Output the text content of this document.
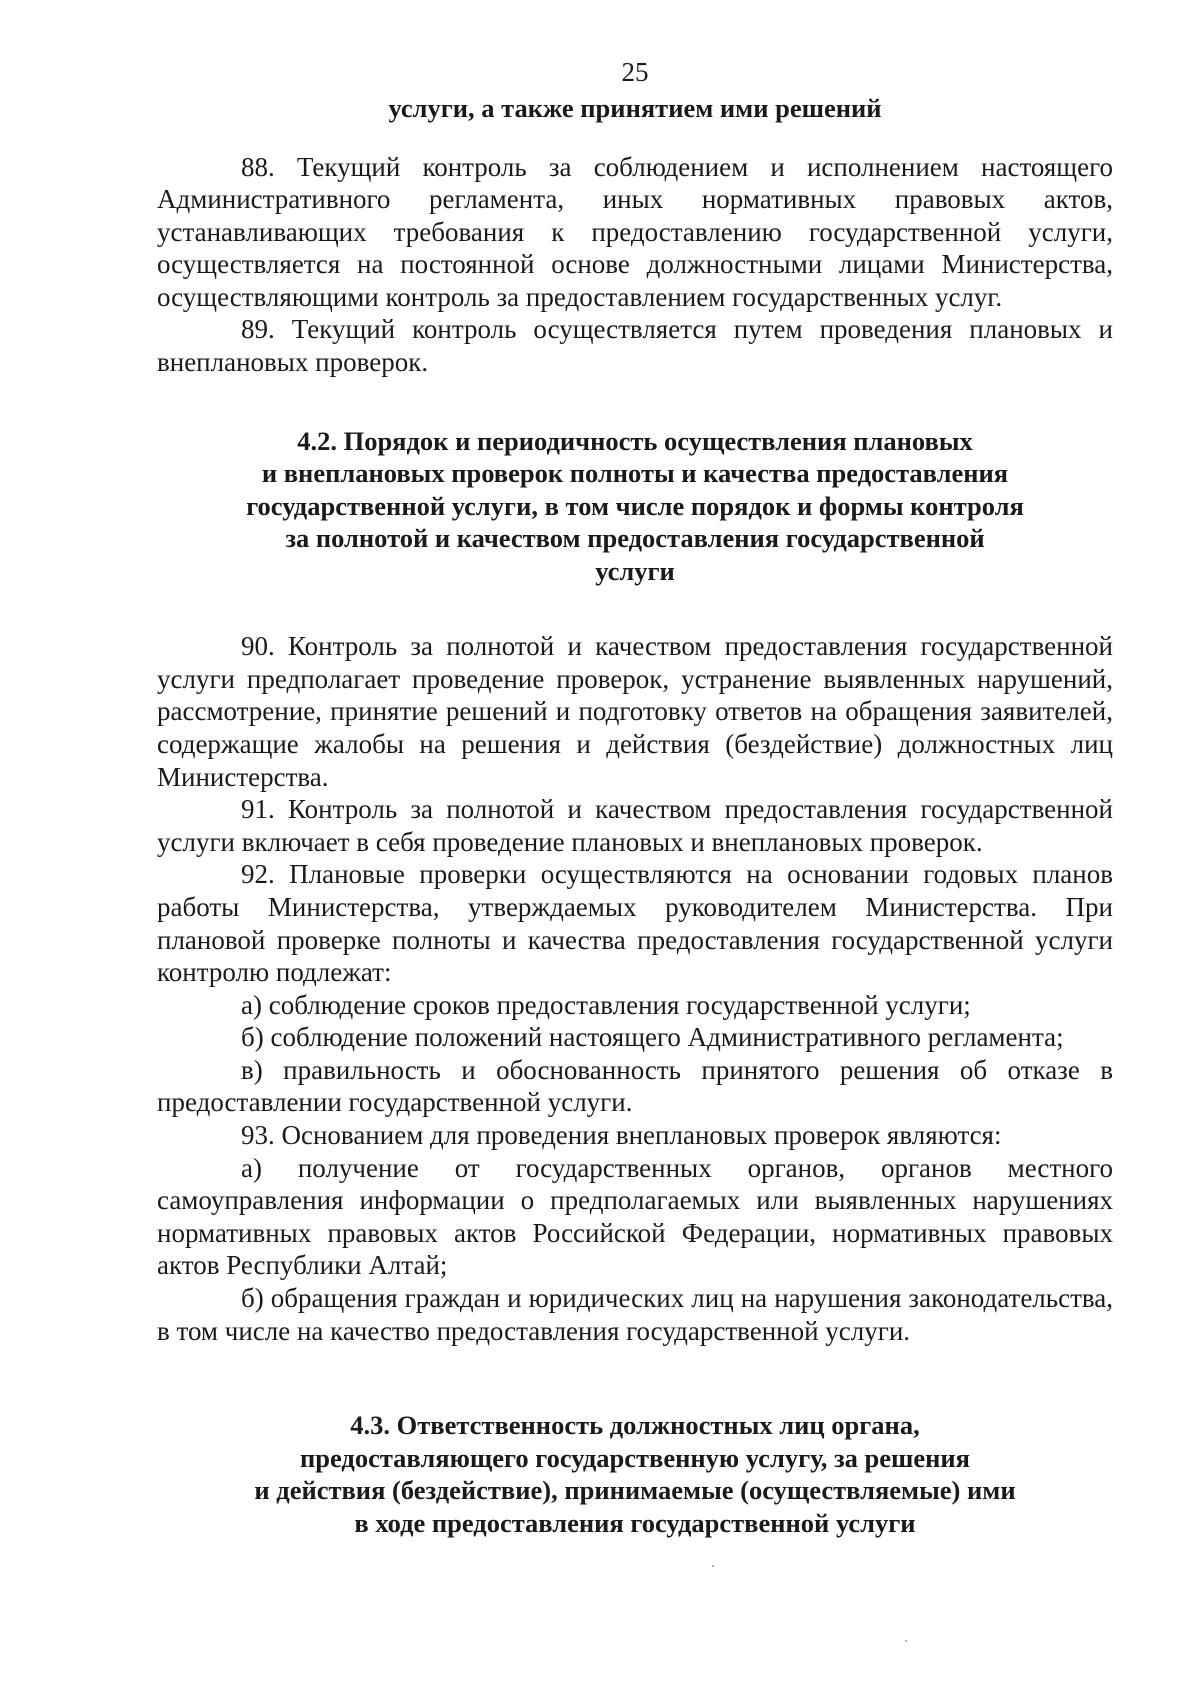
25

услуги, а также принятием ими решений

88. Текущий контроль за соблюдением и исполнением настоящего Административного регламента, иных нормативных правовых актов, устанавливающих требования к предоставлению государственной услуги, осуществляется на постоянной основе должностными лицами Министерства, осуществляющими контроль за предоставлением государственных услуг.

89. Текущий контроль осуществляется путем проведения плановых и внеплановых проверок.

4.2. Порядок и периодичность осуществления плановых
и внеплановых проверок полноты и качества предоставления
государственной услуги, в том числе порядок и формы контроля
за полнотой и качеством предоставления государственной
услуги

90. Контроль за полнотой и качеством предоставления государственной услуги предполагает проведение проверок, устранение выявленных нарушений, рассмотрение, принятие решений и подготовку ответов на обращения заявителей, содержащие жалобы на решения и действия (бездействие) должностных лиц Министерства.

91. Контроль за полнотой и качеством предоставления государственной услуги включает в себя проведение плановых и внеплановых проверок.

92. Плановые проверки осуществляются на основании годовых планов работы Министерства, утверждаемых руководителем Министерства. При плановой проверке полноты и качества предоставления государственной услуги контролю подлежат:

а) соблюдение сроков предоставления государственной услуги;

б) соблюдение положений настоящего Административного регламента;

в) правильность и обоснованность принятого решения об отказе в предоставлении государственной услуги.

93. Основанием для проведения внеплановых проверок являются:

а) получение от государственных органов, органов местного самоуправления информации о предполагаемых или выявленных нарушениях нормативных правовых актов Российской Федерации, нормативных правовых актов Республики Алтай;

б) обращения граждан и юридических лиц на нарушения законодательства, в том числе на качество предоставления государственной услуги.

4.3. Ответственность должностных лиц органа,
предоставляющего государственную услугу, за решения
и действия (бездействие), принимаемые (осуществляемые) ими
в ходе предоставления государственной услуги
